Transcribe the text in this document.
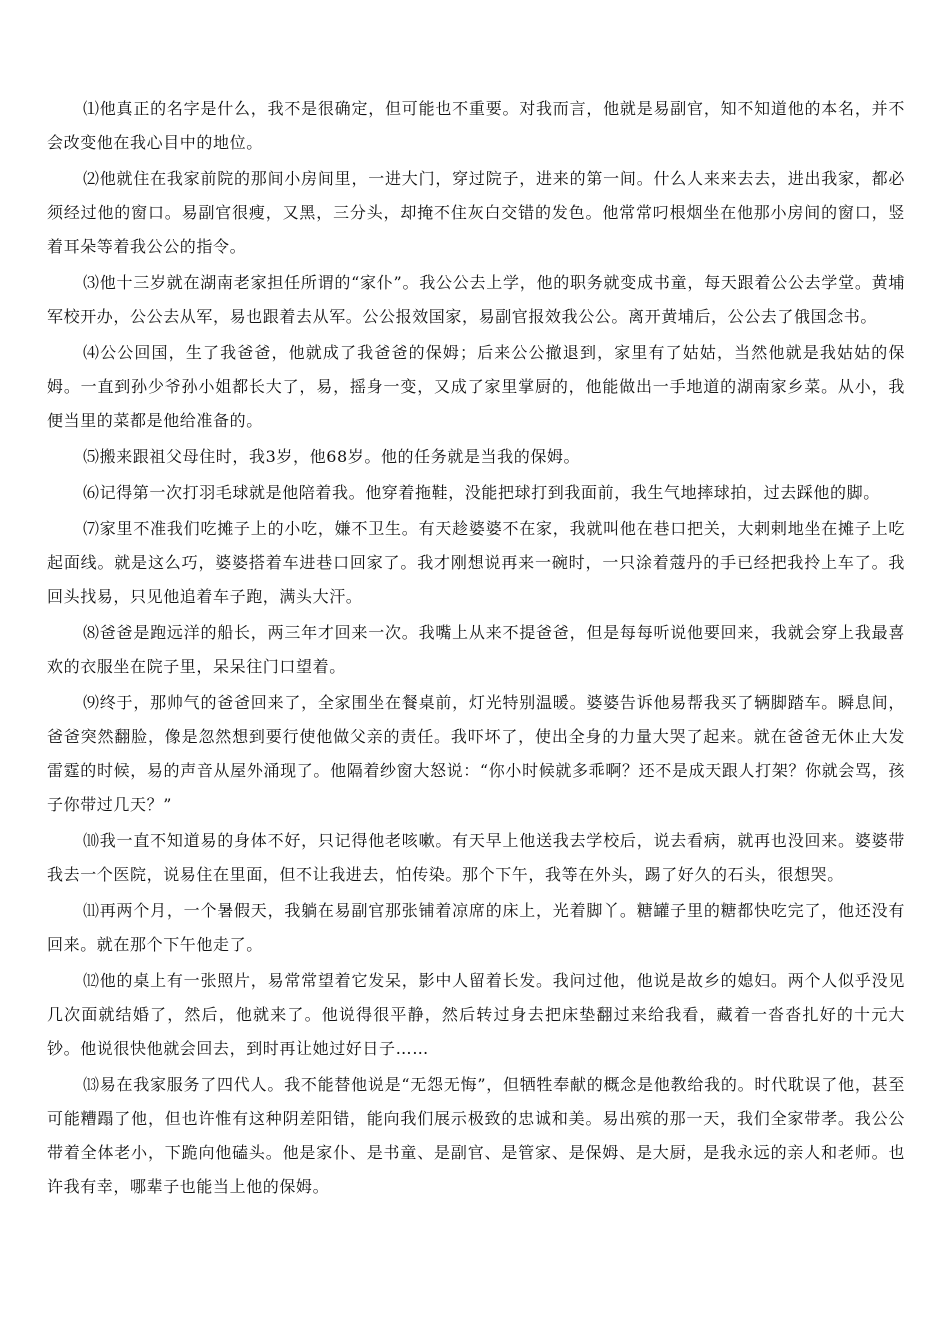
⑴他真正的名字是什么，我不是很确定，但可能也不重要。对我而言，他就是易副官，知不知道他的本名，并不会改变他在我心目中的地位。

⑵他就住在我家前院的那间小房间里，一进大门，穿过院子，进来的第一间。什么人来来去去，进出我家，都必须经过他的窗口。易副官很瘦，又黑，三分头，却掩不住灰白交错的发色。他常常叼根烟坐在他那小房间的窗口，竖着耳朵等着我公公的指令。

⑶他十三岁就在湖南老家担任所谓的“家仆”。我公公去上学，他的职务就变成书童，每天跟着公公去学堂。黄埔军校开办，公公去从军，易也跟着去从军。公公报效国家，易副官报效我公公。离开黄埔后，公公去了俄国念书。

⑷公公回国，生了我爸爸，他就成了我爸爸的保姆；后来公公撤退到，家里有了姑姑，当然他就是我姑姑的保姆。一直到孙少爷孙小姐都长大了，易，摇身一变，又成了家里掌厨的，他能做出一手地道的湖南家乡菜。从小，我便当里的菜都是他给准备的。

⑸搬来跟祖父母住时，我3岁，他68岁。他的任务就是当我的保姆。

⑹记得第一次打羽毛球就是他陪着我。他穿着拖鞋，没能把球打到我面前，我生气地摔球拍，过去踩他的脚。

⑺家里不准我们吃摊子上的小吃，嫌不卫生。有天趁婆婆不在家，我就叫他在巷口把关，大剌剌地坐在摊子上吃起面线。就是这么巧，婆婆搭着车进巷口回家了。我才刚想说再来一碗时，一只涂着蔻丹的手已经把我拎上车了。我回头找易，只见他追着车子跑，满头大汗。

⑻爸爸是跑远洋的船长，两三年才回来一次。我嘴上从来不提爸爸，但是每每听说他要回来，我就会穿上我最喜欢的衣服坐在院子里，呆呆往门口望着。

⑼终于，那帅气的爸爸回来了，全家围坐在餐桌前，灯光特别温暖。婆婆告诉他易帮我买了辆脚踏车。瞬息间，爸爸突然翻脸，像是忽然想到要行使他做父亲的责任。我吓坏了，使出全身的力量大哭了起来。就在爸爸无休止大发雷霆的时候，易的声音从屋外涌现了。他隔着纱窗大怒说：“你小时候就多乖啊？还不是成天跟人打架？你就会骂，孩子你带过几天？”

⑽我一直不知道易的身体不好，只记得他老咳嗽。有天早上他送我去学校后，说去看病，就再也没回来。婆婆带我去一个医院，说易住在里面，但不让我进去，怕传染。那个下午，我等在外头，踢了好久的石头，很想哭。

⑾再两个月，一个暑假天，我躺在易副官那张铺着凉席的床上，光着脚丫。糖罐子里的糖都快吃完了，他还没有回来。就在那个下午他走了。

⑿他的桌上有一张照片，易常常望着它发呆，影中人留着长发。我问过他，他说是故乡的媳妇。两个人似乎没见几次面就结婚了，然后，他就来了。他说得很平静，然后转过身去把床垫翻过来给我看，藏着一沓沓扎好的十元大钞。他说很快他就会回去，到时再让她过好日子……

⒀易在我家服务了四代人。我不能替他说是“无怨无悔”，但牺牲奉献的概念是他教给我的。时代耽误了他，甚至可能糟蹋了他，但也许惟有这种阴差阳错，能向我们展示极致的忠诚和美。易出殡的那一天，我们全家带孝。我公公带着全体老小，下跪向他磕头。他是家仆、是书童、是副官、是管家、是保姆、是大厨，是我永远的亲人和老师。也许我有幸，哪辈子也能当上他的保姆。
